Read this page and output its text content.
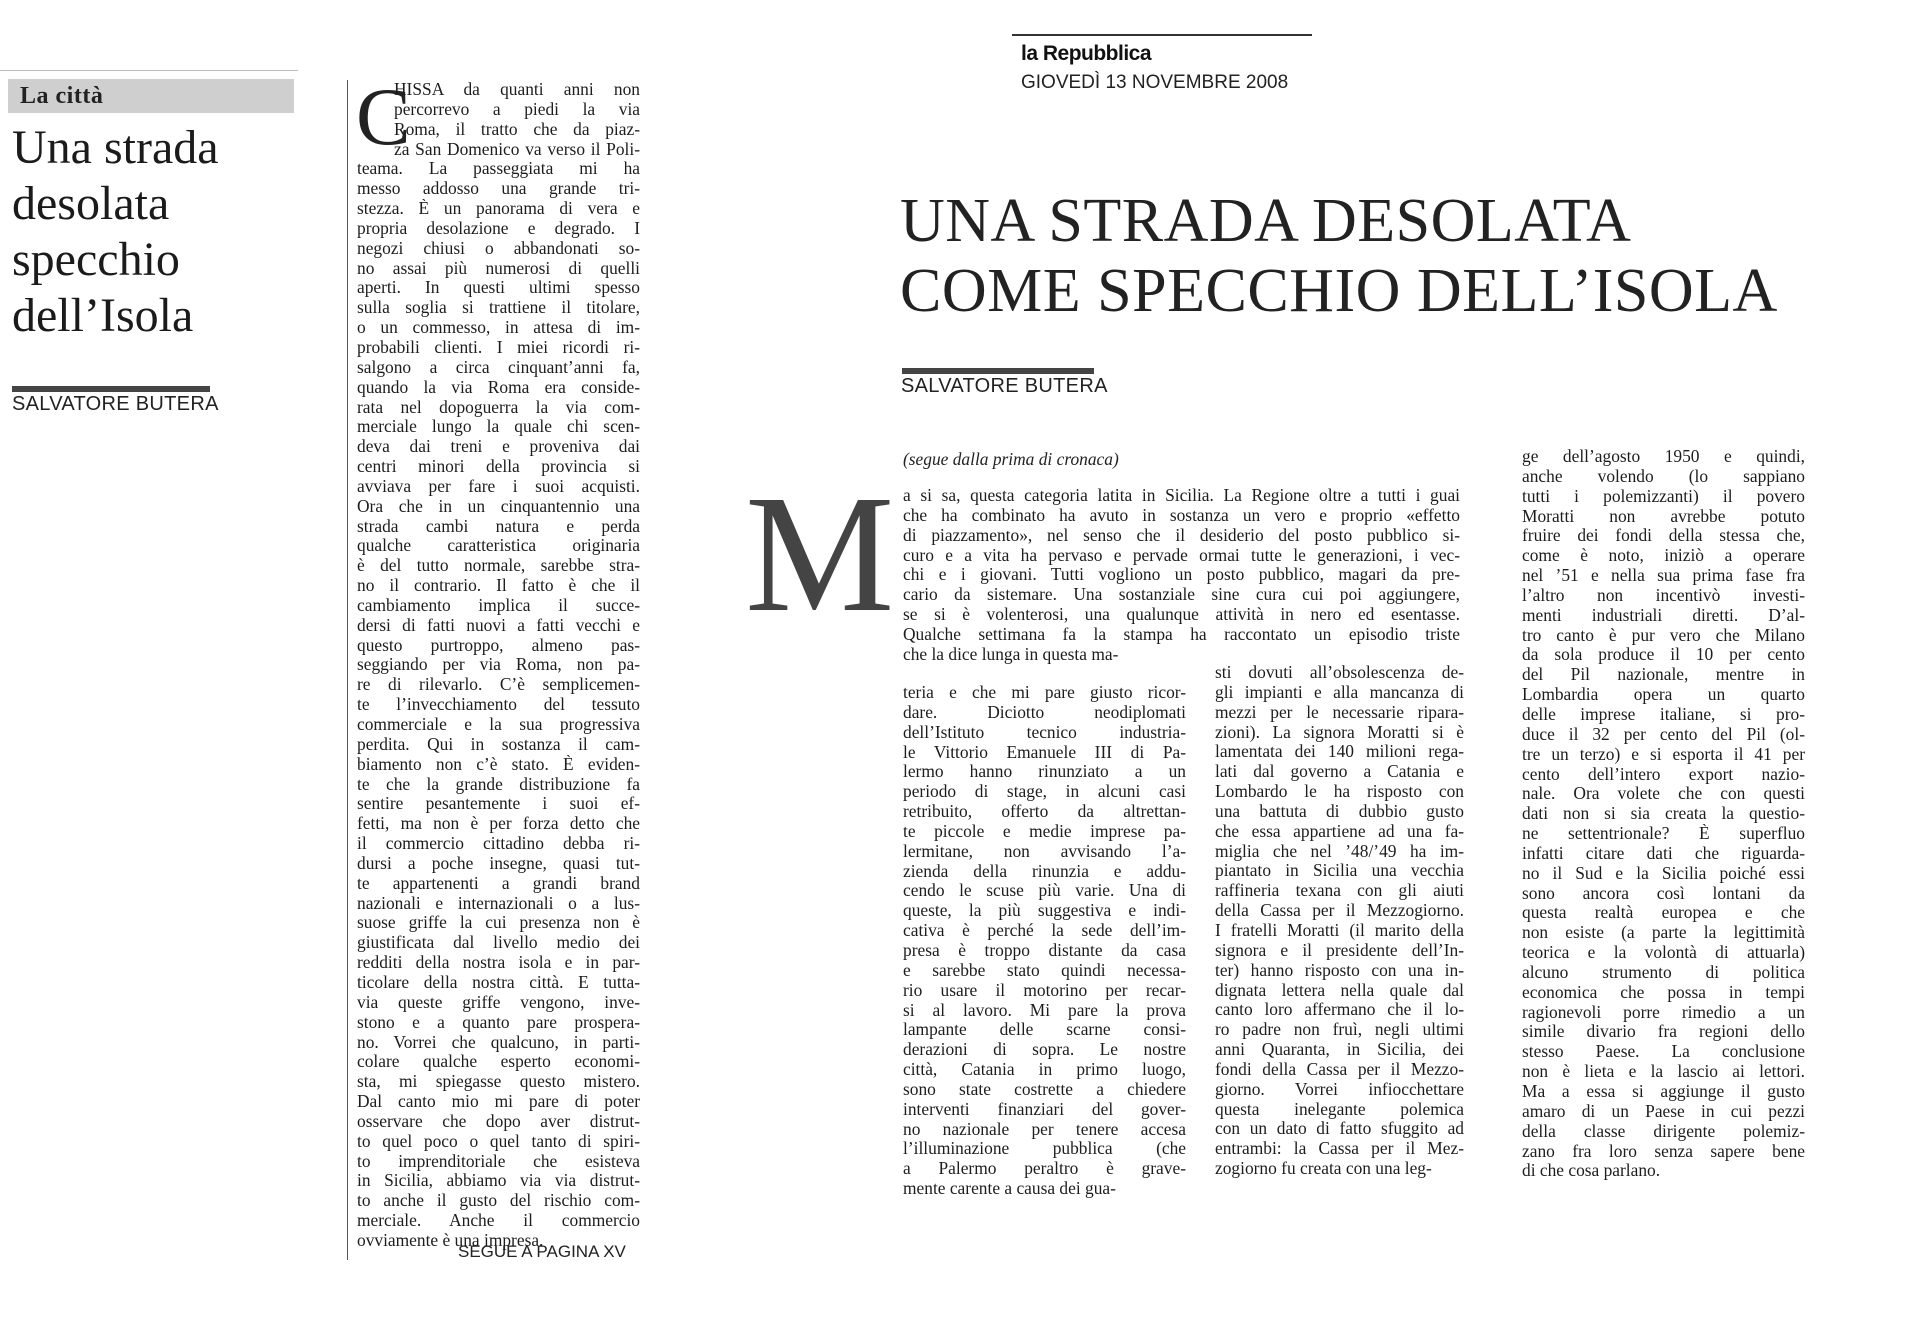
La città
Una strada
desolata
specchio
dell’Isola
SALVATORE BUTERA
C
HISSA da quanti anni non
percorrevo a piedi la via
Roma, il tratto che da piaz-
za San Domenico va verso il Poli-
teama. La passeggiata mi ha
messo addosso una grande tri-
stezza. È un panorama di vera e
propria desolazione e degrado. I
negozi chiusi o abbandonati so-
no assai più numerosi di quelli
aperti. In questi ultimi spesso
sulla soglia si trattiene il titolare,
o un commesso, in attesa di im-
probabili clienti. I miei ricordi ri-
salgono a circa cinquant’anni fa,
quando la via Roma era conside-
rata nel dopoguerra la via com-
merciale lungo la quale chi scen-
deva dai treni e proveniva dai
centri minori della provincia si
avviava per fare i suoi acquisti.
Ora che in un cinquantennio una
strada cambi natura e perda
qualche caratteristica originaria
è del tutto normale, sarebbe stra-
no il contrario. Il fatto è che il
cambiamento implica il succe-
dersi di fatti nuovi a fatti vecchi e
questo purtroppo, almeno pas-
seggiando per via Roma, non pa-
re di rilevarlo. C’è semplicemen-
te l’invecchiamento del tessuto
commerciale e la sua progressiva
perdita. Qui in sostanza il cam-
biamento non c’è stato. È eviden-
te che la grande distribuzione fa
sentire pesantemente i suoi ef-
fetti, ma non è per forza detto che
il commercio cittadino debba ri-
dursi a poche insegne, quasi tut-
te appartenenti a grandi brand
nazionali e internazionali o a lus-
suose griffe la cui presenza non è
giustificata dal livello medio dei
redditi della nostra isola e in par-
ticolare della nostra città. E tutta-
via queste griffe vengono, inve-
stono e a quanto pare prospera-
no. Vorrei che qualcuno, in parti-
colare qualche esperto economi-
sta, mi spiegasse questo mistero.
Dal canto mio mi pare di poter
osservare che dopo aver distrut-
to quel poco o quel tanto di spiri-
to imprenditoriale che esisteva
in Sicilia, abbiamo via via distrut-
to anche il gusto del rischio com-
merciale. Anche il commercio
ovviamente è una impresa.
SEGUE A PAGINA XV
la Repubblica
GIOVEDÌ 13 NOVEMBRE 2008
UNA STRADA DESOLATA
COME SPECCHIO DELL’ISOLA
SALVATORE BUTERA
(segue dalla prima di cronaca)
M a si sa, questa categoria latita in Sicilia. La Regione oltre a tutti i guai
che ha combinato ha avuto in sostanza un vero e proprio «effetto
di piazzamento», nel senso che il desiderio del posto pubblico si-
curo e a vita ha pervaso e pervade ormai tutte le generazioni, i vec-
chi e i giovani. Tutti vogliono un posto pubblico, magari da pre-
cario da sistemare. Una sostanziale sine cura cui poi aggiungere,
se si è volenterosi, una qualunque attività in nero ed esentasse.
Qualche settimana fa la stampa ha raccontato un episodio triste
che la dice lunga in questa ma-
teria e che mi pare giusto ricor-
dare. Diciotto neodiplomati
dell’Istituto tecnico industria-
le Vittorio Emanuele III di Pa-
lermo hanno rinunziato a un
periodo di stage, in alcuni casi
retribuito, offerto da altrettan-
te piccole e medie imprese pa-
lermitane, non avvisando l’a-
zienda della rinunzia e addu-
cendo le scuse più varie. Una di
queste, la più suggestiva e indi-
cativa è perché la sede dell’im-
presa è troppo distante da casa
e sarebbe stato quindi necessa-
rio usare il motorino per recar-
si al lavoro. Mi pare la prova
lampante delle scarne consi-
derazioni di sopra. Le nostre
città, Catania in primo luogo,
sono state costrette a chiedere
interventi finanziari del gover-
no nazionale per tenere accesa
l’illuminazione pubblica (che
a Palermo peraltro è grave-
mente carente a causa dei gua-
sti dovuti all’obsolescenza de-
gli impianti e alla mancanza di
mezzi per le necessarie ripara-
zioni). La signora Moratti si è
lamentata dei 140 milioni rega-
lati dal governo a Catania e
Lombardo le ha risposto con
una battuta di dubbio gusto
che essa appartiene ad una fa-
miglia che nel ’48/’49 ha im-
piantato in Sicilia una vecchia
raffineria texana con gli aiuti
della Cassa per il Mezzogiorno.
I fratelli Moratti (il marito della
signora e il presidente dell’In-
ter) hanno risposto con una in-
dignata lettera nella quale dal
canto loro affermano che il lo-
ro padre non fruì, negli ultimi
anni Quaranta, in Sicilia, dei
fondi della Cassa per il Mezzo-
giorno. Vorrei infiocchettare
questa inelegante polemica
con un dato di fatto sfuggito ad
entrambi: la Cassa per il Mez-
zogiorno fu creata con una leg-
ge dell’agosto 1950 e quindi,
anche volendo (lo sappiano
tutti i polemizzanti) il povero
Moratti non avrebbe potuto
fruire dei fondi della stessa che,
come è noto, iniziò a operare
nel ’51 e nella sua prima fase fra
l’altro non incentivò investi-
menti industriali diretti. D’al-
tro canto è pur vero che Milano
da sola produce il 10 per cento
del Pil nazionale, mentre in
Lombardia opera un quarto
delle imprese italiane, si pro-
duce il 32 per cento del Pil (ol-
tre un terzo) e si esporta il 41 per
cento dell’intero export nazio-
nale. Ora volete che con questi
dati non si sia creata la questio-
ne settentrionale? È superfluo
infatti citare dati che riguarda-
no il Sud e la Sicilia poiché essi
sono ancora così lontani da
questa realtà europea e che
non esiste (a parte la legittimità
teorica e la volontà di attuarla)
alcuno strumento di politica
economica che possa in tempi
ragionevoli porre rimedio a un
simile divario fra regioni dello
stesso Paese. La conclusione
non è lieta e la lascio ai lettori.
Ma a essa si aggiunge il gusto
amaro di un Paese in cui pezzi
della classe dirigente polemiz-
zano fra loro senza sapere bene
di che cosa parlano.
